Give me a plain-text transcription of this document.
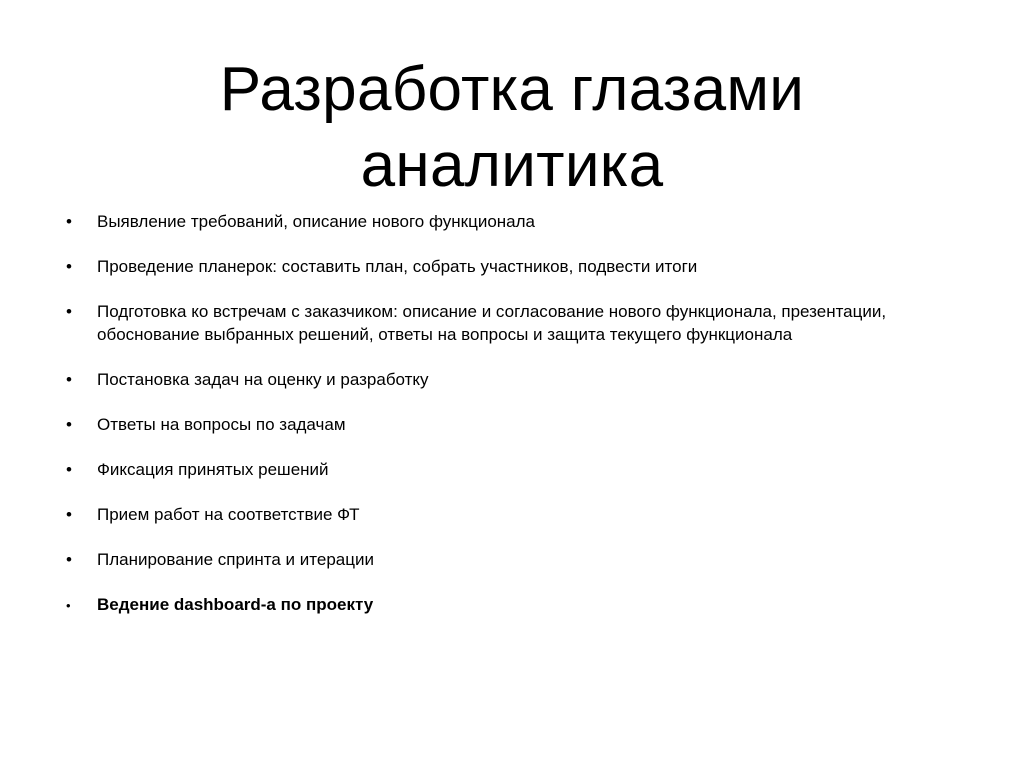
Разработка глазами
аналитика
•	Выявление требований, описание нового функционала
•	Проведение планерок: составить план, собрать участников, подвести итоги
•	Подготовка ко встречам с заказчиком: описание и согласование нового функционала, презентации, обоснование выбранных решений, ответы на вопросы и защита текущего функционала
•	Постановка задач на оценку и разработку
•	Ответы на вопросы по задачам
•	Фиксация принятых решений
•	Прием работ на соответствие ФТ
•	Планирование спринта и итерации
•	Ведение dashboard-а по проекту
